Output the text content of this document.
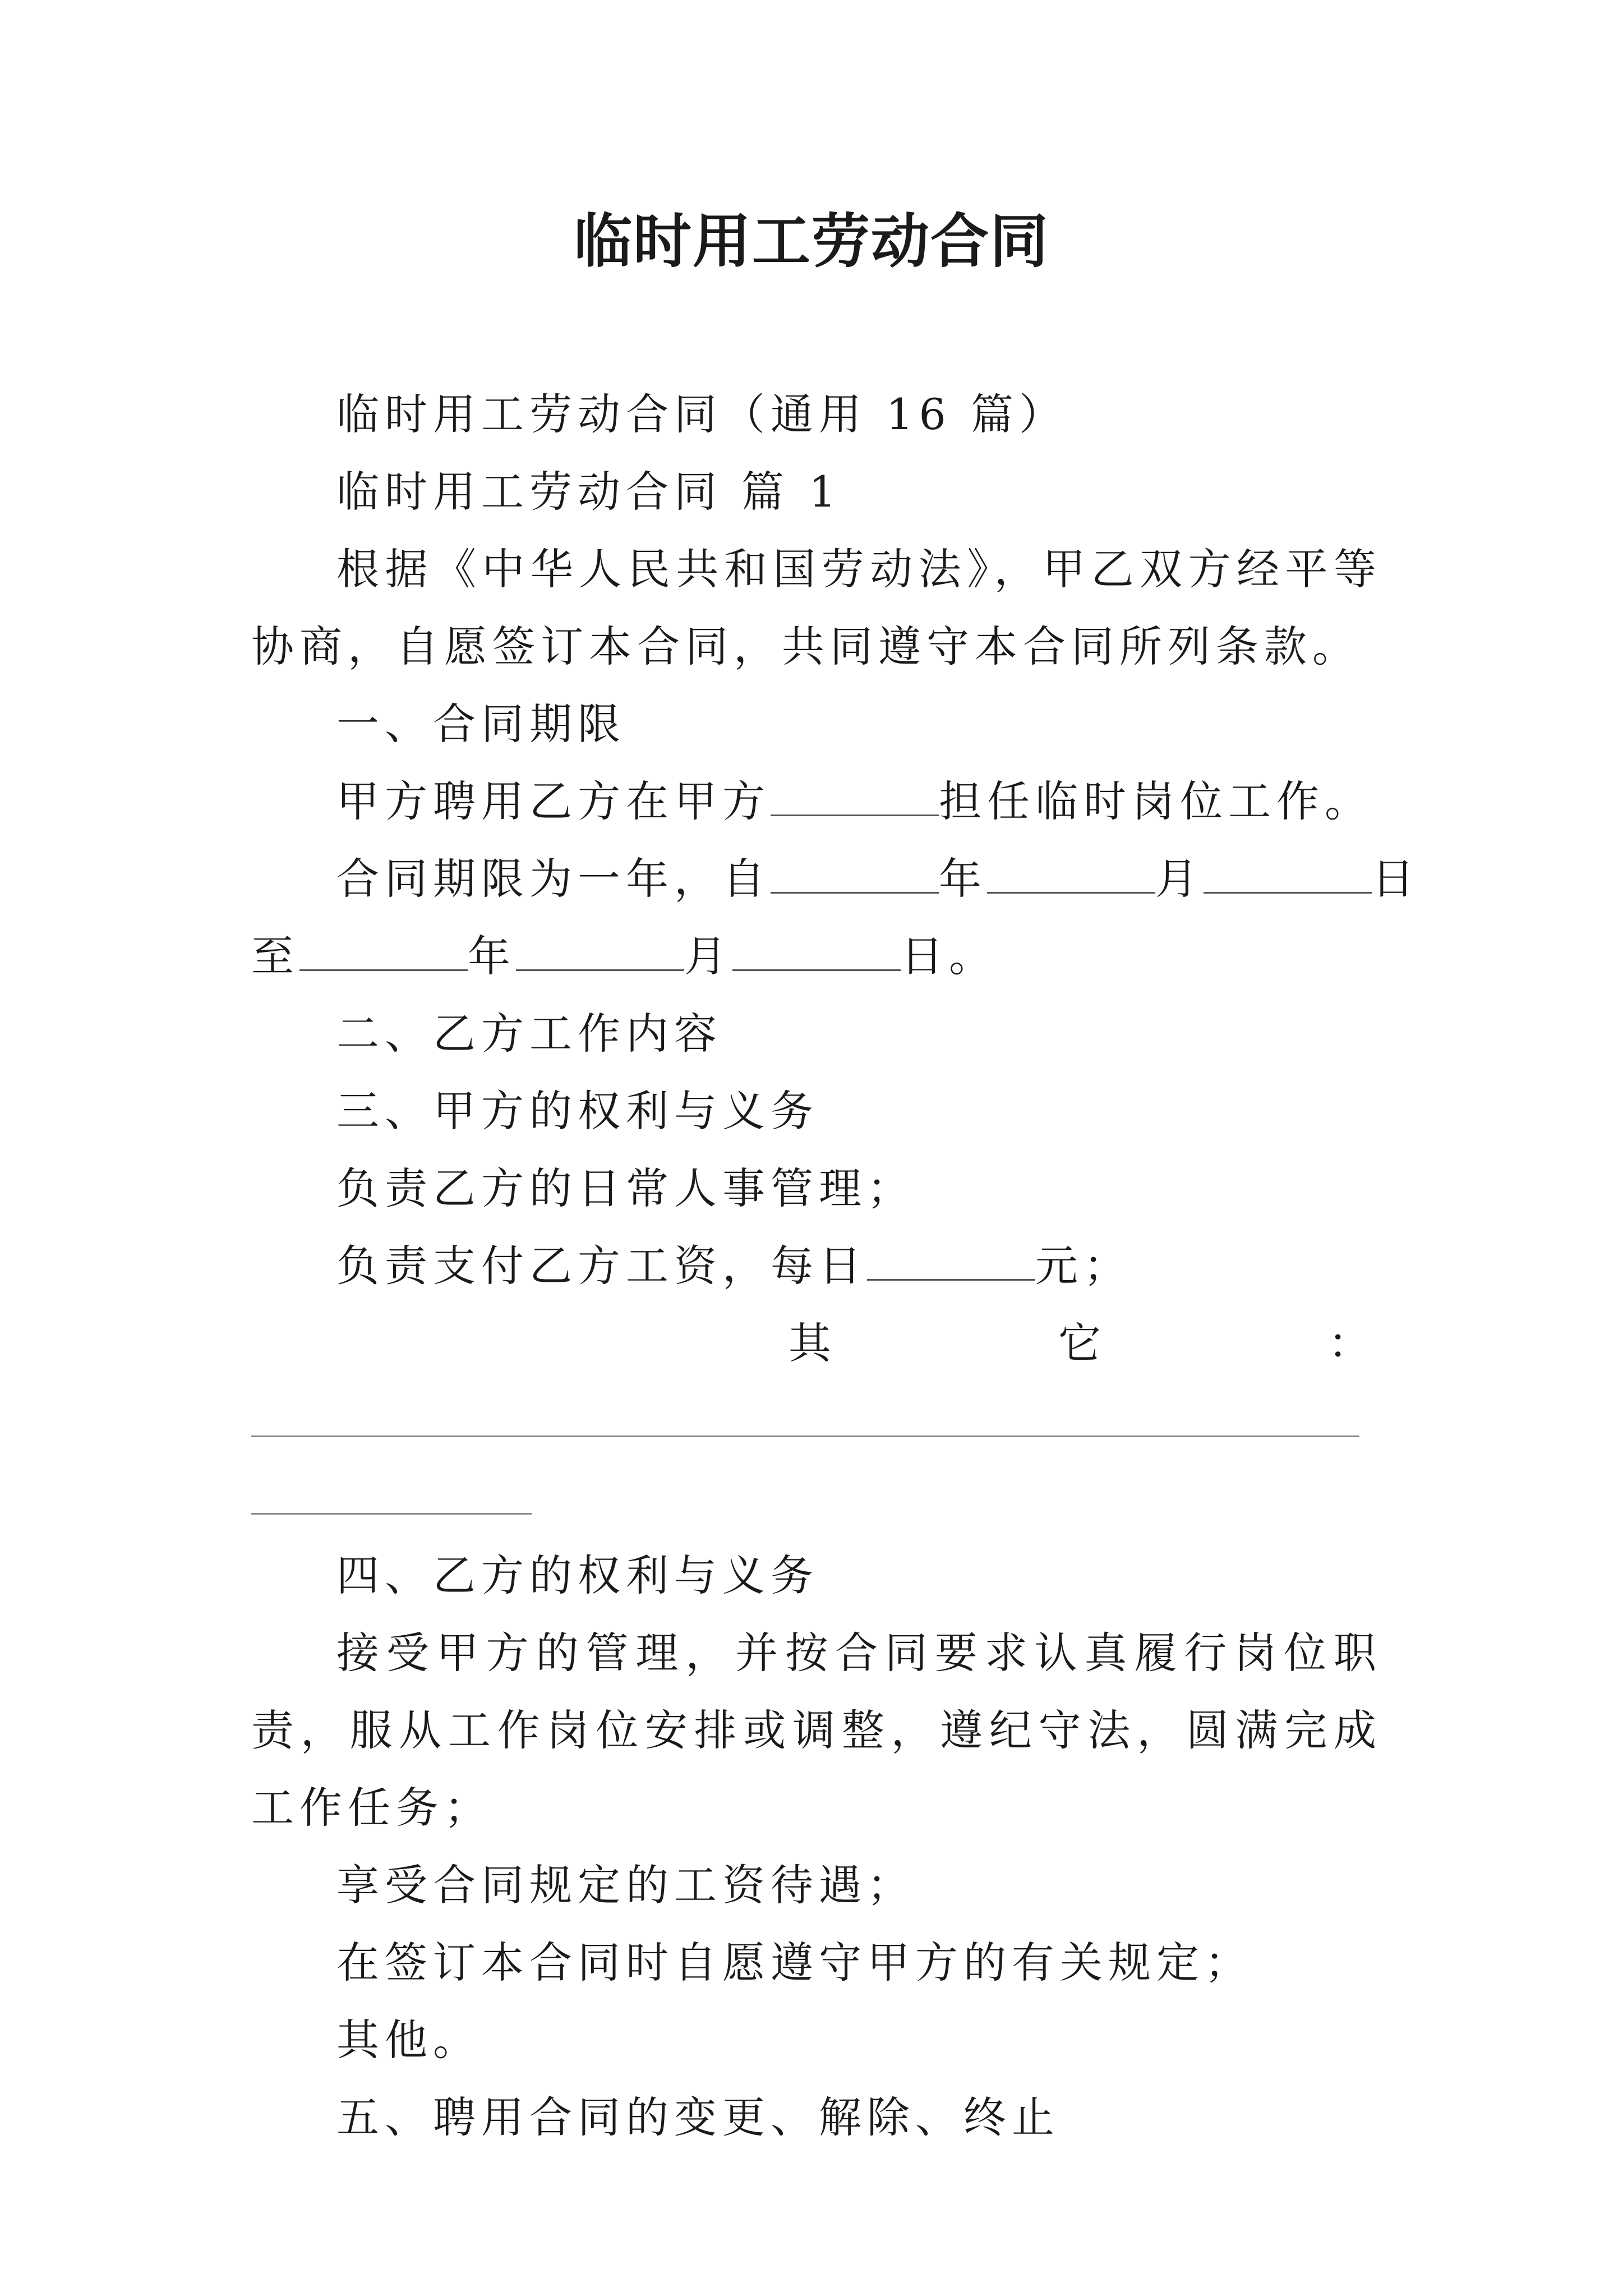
临时用工劳动合同

临时用工劳动合同（通用 16 篇）

临时用工劳动合同 篇 1

根据《中华人民共和国劳动法》，甲乙双方经平等协商，自愿签订本合同，共同遵守本合同所列条款。

一、合同期限

甲方聘用乙方在甲方	担任临时岗位工作。

合同期限为一年，自	年	月	日

至	年	月	日。

二、乙方工作内容

三、甲方的权利与义务

负责乙方的日常人事管理；

负责支付乙方工资，每日	元；

其	它	：

四、乙方的权利与义务

接受甲方的管理，并按合同要求认真履行岗位职责，服从工作岗位安排或调整，遵纪守法，圆满完成工作任务；

享受合同规定的工资待遇；

在签订本合同时自愿遵守甲方的有关规定；

其他。

五、聘用合同的变更、解除、终止
